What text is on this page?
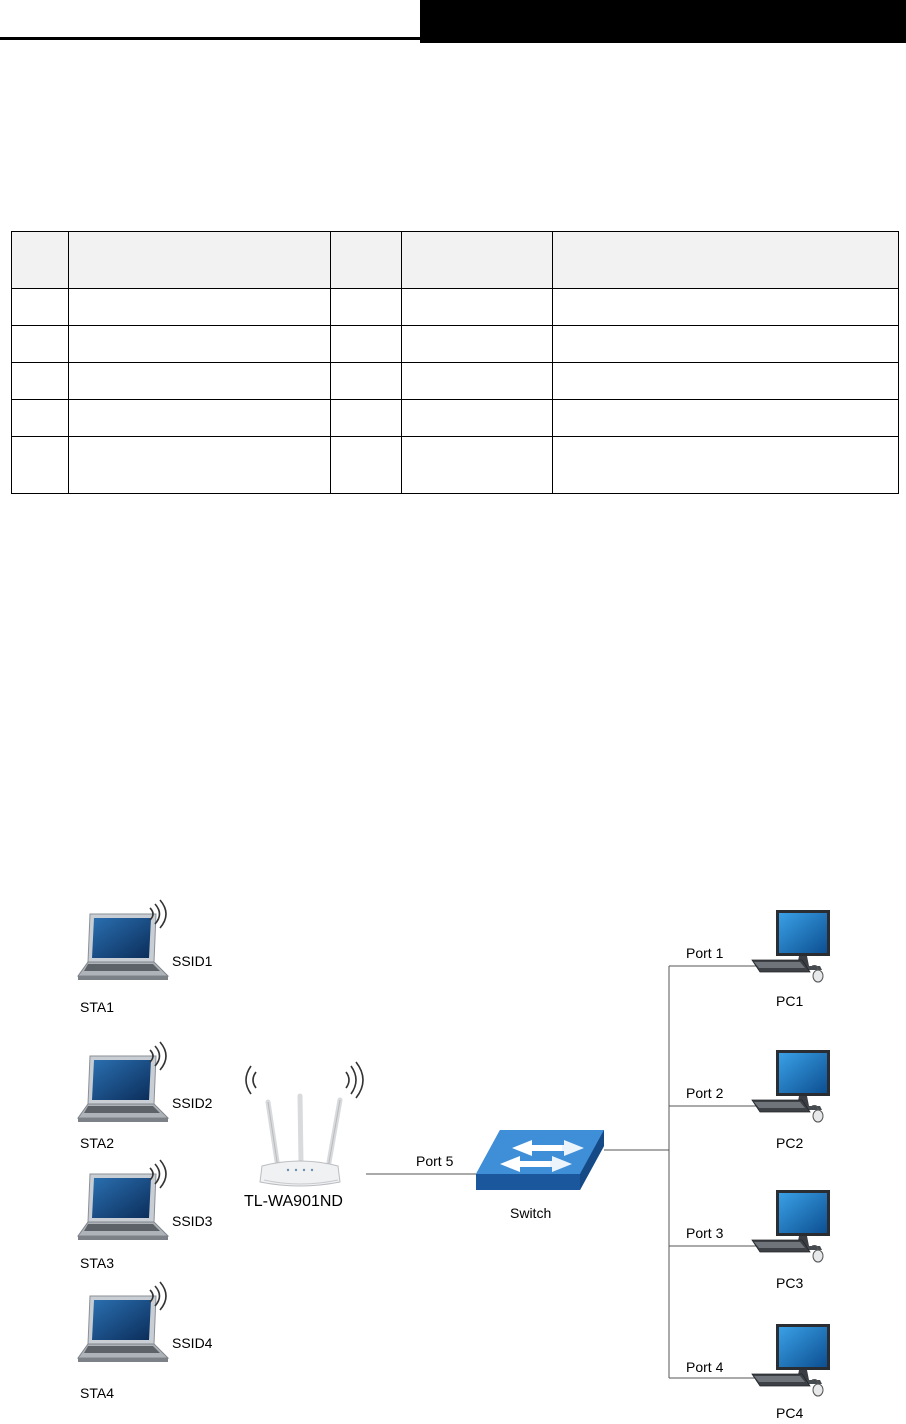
SSID1
STA1
SSID2
STA2
SSID3
STA3
SSID4
STA4
TL-WA901ND
Port 5
Switch
Port 1
PC1
Port 2
PC2
Port 3
PC3
Port 4
PC4
